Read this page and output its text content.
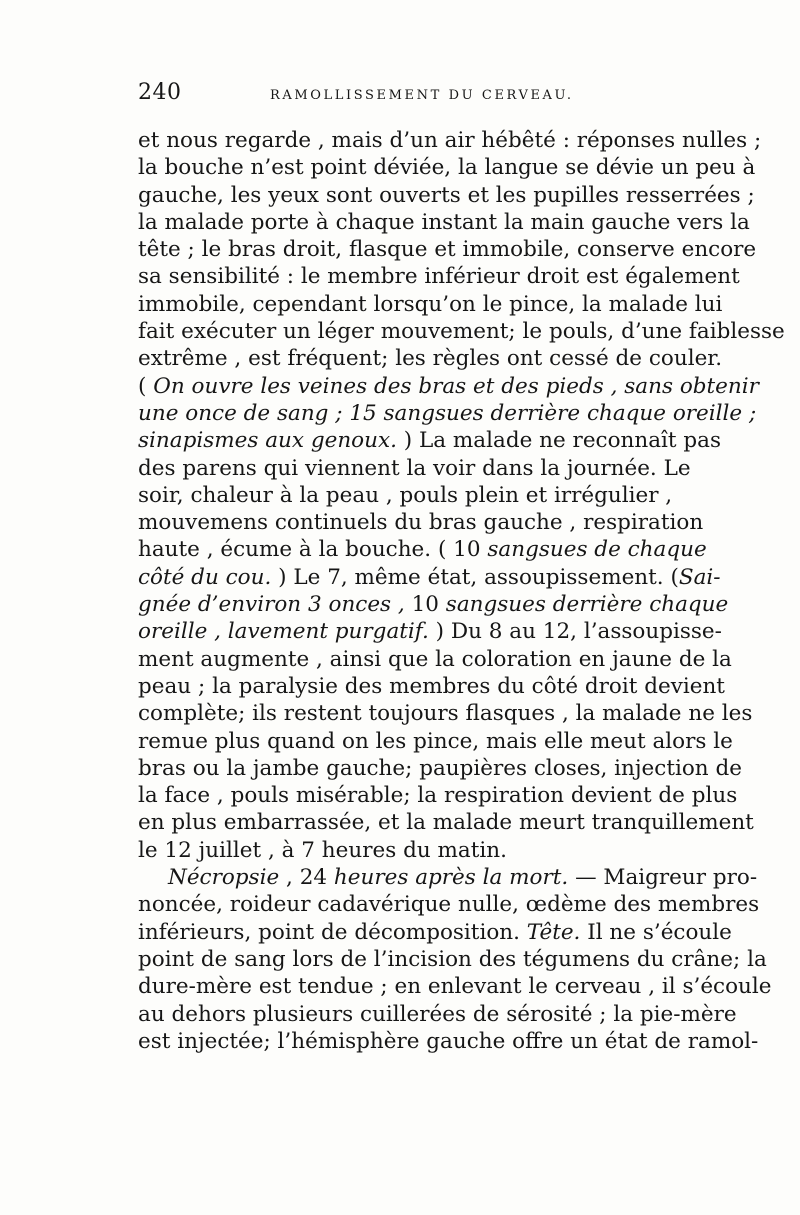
240	RAMOLLISSEMENT DU CERVEAU.
et nous regarde , mais d’un air hébêté : réponses nulles ;
la bouche n’est point déviée, la langue se dévie un peu à
gauche, les yeux sont ouverts et les pupilles resserrées ;
la malade porte à chaque instant la main gauche vers la
tête ; le bras droit, flasque et immobile, conserve encore
sa sensibilité : le membre inférieur droit est également
immobile, cependant lorsqu’on le pince, la malade lui
fait exécuter un léger mouvement; le pouls, d’une faiblesse
extrême , est fréquent; les règles ont cessé de couler.
( On ouvre les veines des bras et des pieds , sans obtenir
une once de sang ; 15 sangsues derrière chaque oreille ;
sinapismes aux genoux. ) La malade ne reconnaît pas
des parens qui viennent la voir dans la journée. Le
soir, chaleur à la peau , pouls plein et irrégulier ,
mouvemens continuels du bras gauche , respiration
haute , écume à la bouche. ( 10 sangsues de chaque
côté du cou. ) Le 7, même état, assoupissement. (Sai-
gnée d’environ 3 onces , 10 sangsues derrière chaque
oreille , lavement purgatif. ) Du 8 au 12, l’assoupisse-
ment augmente , ainsi que la coloration en jaune de la
peau ; la paralysie des membres du côté droit devient
complète; ils restent toujours flasques , la malade ne les
remue plus quand on les pince, mais elle meut alors le
bras ou la jambe gauche; paupières closes, injection de
la face , pouls misérable; la respiration devient de plus
en plus embarrassée, et la malade meurt tranquillement
le 12 juillet , à 7 heures du matin.
Nécropsie , 24 heures après la mort. — Maigreur pro-
noncée, roideur cadavérique nulle, œdème des membres
inférieurs, point de décomposition. Tête. Il ne s’écoule
point de sang lors de l’incision des tégumens du crâne; la
dure-mère est tendue ; en enlevant le cerveau , il s’écoule
au dehors plusieurs cuillerées de sérosité ; la pie-mère
est injectée; l’hémisphère gauche offre un état de ramol-
